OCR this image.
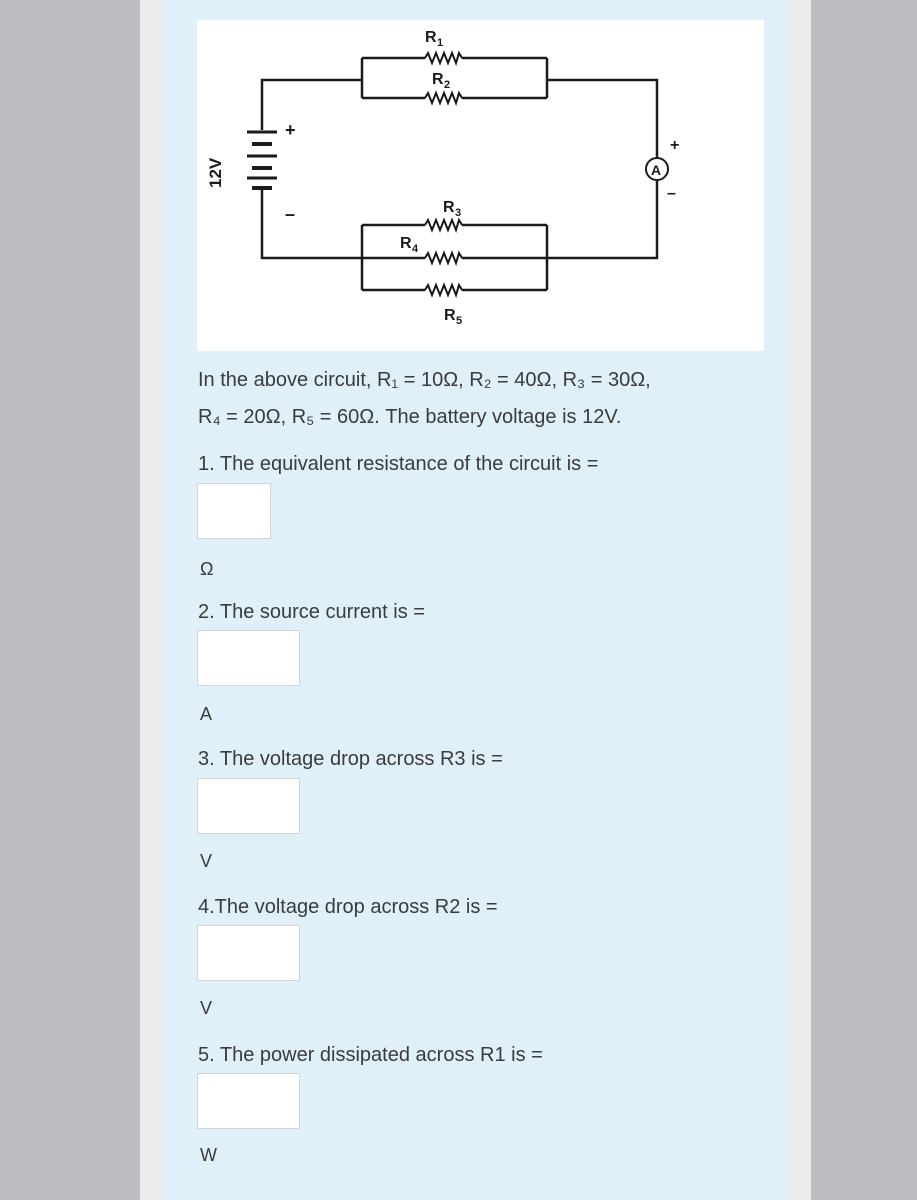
R 1
R 2
R 3
R 4
R 5
+
–
12V	A
+
–
In the above circuit, R₁ = 10Ω, R₂ = 40Ω, R₃ = 30Ω,
R₄ = 20Ω, R₅ = 60Ω. The battery voltage is 12V.
1. The equivalent resistance of the circuit is =
Ω
2. The source current is =
A
3. The voltage drop across R3 is =
V
4.The voltage drop across R2 is =
V
5. The power dissipated across R1 is =
W
